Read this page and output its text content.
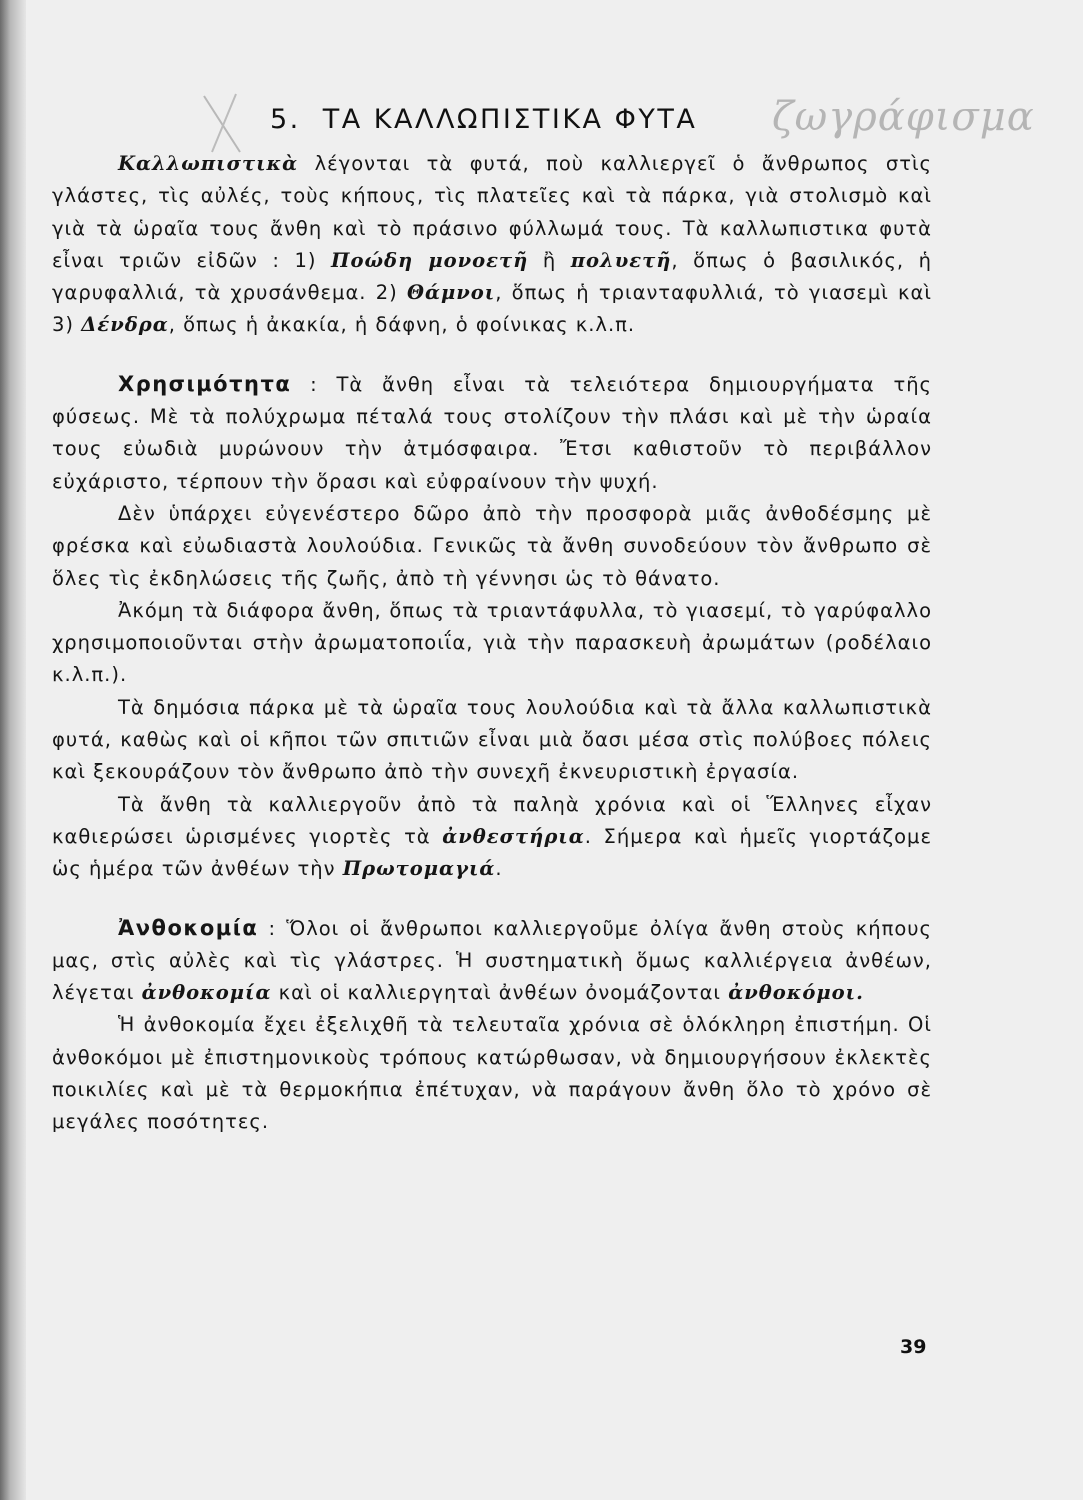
ζωγράφισμα
5. ΤΑ ΚΑΛΛΩΠΙΣΤΙΚΑ ΦΥΤΑ

Καλλωπιστικὰ λέγονται τὰ φυτά, ποὺ καλλιεργεῖ ὁ ἄνθρωπος στὶς γλάστες, τὶς αὐλές, τοὺς κήπους, τὶς πλατεῖες καὶ τὰ πάρκα, γιὰ στολισμὸ καὶ γιὰ τὰ ὡραῖα τους ἄνθη καὶ τὸ πράσινο φύλλωμά τους. Τὰ καλλωπιστικα φυτὰ εἶναι τριῶν εἰδῶν : 1) Ποώδη μονοετῆ ἢ πολυετῆ, ὅπως ὁ βασιλικός, ἡ γαρυφαλλιά, τὰ χρυσάνθεμα. 2) Θάμνοι, ὅπως ἡ τριανταφυλλιά, τὸ γιασεμὶ καὶ 3) Δένδρα, ὅπως ἡ ἀκακία, ἡ δάφνη, ὁ φοίνικας κ.λ.π.

Χρησιμότητα : Τὰ ἄνθη εἶναι τὰ τελειότερα δημιουργήματα τῆς φύσεως. Μὲ τὰ πολύχρωμα πέταλά τους στολίζουν τὴν πλάσι καὶ μὲ τὴν ὡραία τους εὐωδιὰ μυρώνουν τὴν ἀτμόσφαιρα. Ἔτσι καθιστοῦν τὸ περιβάλλον εὐχάριστο, τέρπουν τὴν ὅρασι καὶ εὐφραίνουν τὴν ψυχή.

Δὲν ὑπάρχει εὐγενέστερο δῶρο ἀπὸ τὴν προσφορὰ μιᾶς ἀνθοδέσμης μὲ φρέσκα καὶ εὐωδιαστὰ λουλούδια. Γενικῶς τὰ ἄνθη συνοδεύουν τὸν ἄνθρωπο σὲ ὅλες τὶς ἐκδηλώσεις τῆς ζωῆς, ἀπὸ τὴ γέννησι ὡς τὸ θάνατο.

Ἀκόμη τὰ διάφορα ἄνθη, ὅπως τὰ τριαντάφυλλα, τὸ γιασεμί, τὸ γαρύφαλλο χρησιμοποιοῦνται στὴν ἀρωματοποιΐα, γιὰ τὴν παρασκευὴ ἀρωμάτων (ροδέλαιο κ.λ.π.).

Τὰ δημόσια πάρκα μὲ τὰ ὡραῖα τους λουλούδια καὶ τὰ ἄλλα καλλωπιστικὰ φυτά, καθὼς καὶ οἱ κῆποι τῶν σπιτιῶν εἶναι μιὰ ὄασι μέσα στὶς πολύβοες πόλεις καὶ ξεκουράζουν τὸν ἄνθρωπο ἀπὸ τὴν συνεχῆ ἐκνευριστικὴ ἐργασία.

Τὰ ἄνθη τὰ καλλιεργοῦν ἀπὸ τὰ παληὰ χρόνια καὶ οἱ Ἕλληνες εἶχαν καθιερώσει ὡρισμένες γιορτὲς τὰ ἀνθεστήρια. Σήμερα καὶ ἡμεῖς γιορτάζομε ὡς ἡμέρα τῶν ἀνθέων τὴν Πρωτομαγιά.

Ἀνθοκομία : Ὅλοι οἱ ἄνθρωποι καλλιεργοῦμε ὀλίγα ἄνθη στοὺς κήπους μας, στὶς αὐλὲς καὶ τὶς γλάστρες. Ἡ συστηματικὴ ὅμως καλλιέργεια ἀνθέων, λέγεται ἀνθοκομία καὶ οἱ καλλιεργηταὶ ἀνθέων ὀνομάζονται ἀνθοκόμοι.

Ἡ ἀνθοκομία ἔχει ἐξελιχθῆ τὰ τελευταῖα χρόνια σὲ ὁλόκληρη ἐπιστήμη. Οἱ ἀνθοκόμοι μὲ ἐπιστημονικοὺς τρόπους κατώρθωσαν, νὰ δημιουργήσουν ἐκλεκτὲς ποικιλίες καὶ μὲ τὰ θερμοκήπια ἐπέτυχαν, νὰ παράγουν ἄνθη ὅλο τὸ χρόνο σὲ μεγάλες ποσότητες.

39
